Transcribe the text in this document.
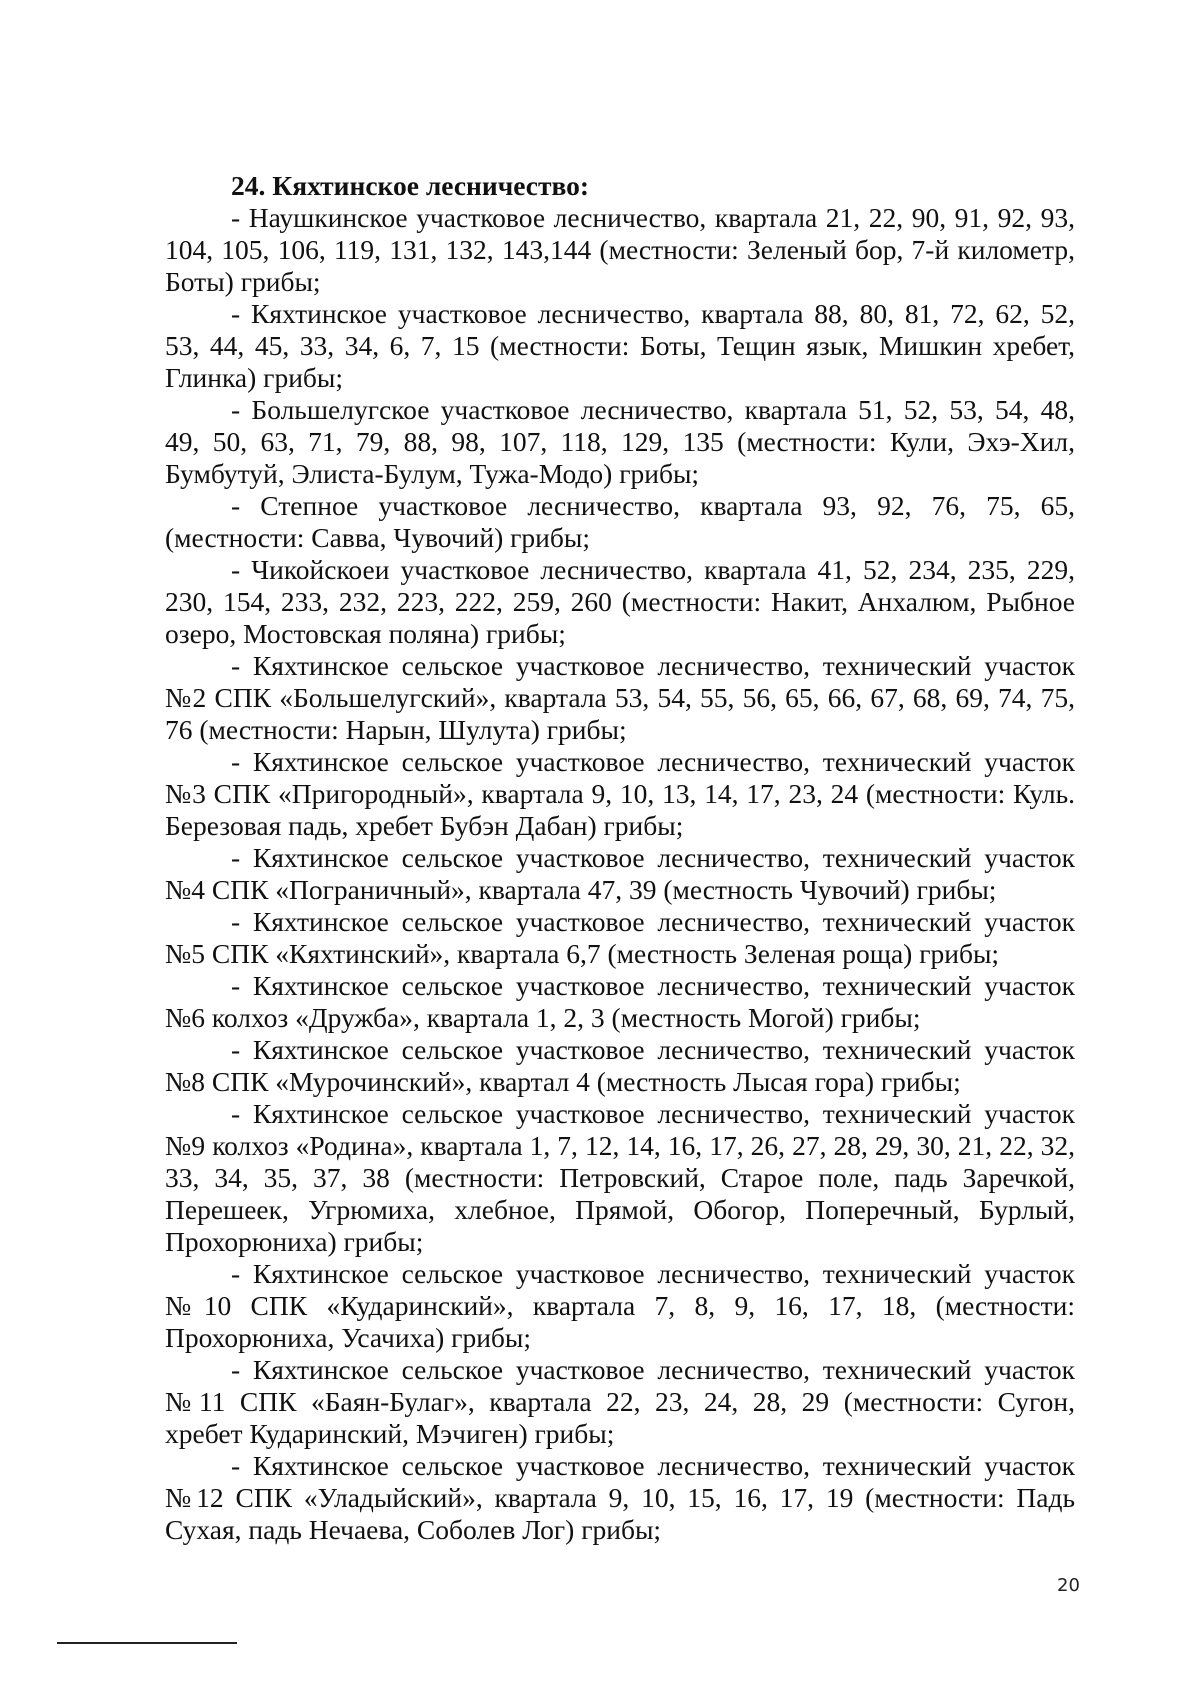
24. Кяхтинское лесничество:

- Наушкинское участковое лесничество, квартала 21, 22, 90, 91, 92, 93, 104, 105, 106, 119, 131, 132, 143,144 (местности: Зеленый бор, 7-й километр, Боты) грибы;

- Кяхтинское участковое лесничество, квартала 88, 80, 81, 72, 62, 52, 53, 44, 45, 33, 34, 6, 7, 15 (местности: Боты, Тещин язык, Мишкин хребет, Глинка) грибы;

- Большелугское участковое лесничество, квартала 51, 52, 53, 54, 48, 49, 50, 63, 71, 79, 88, 98, 107, 118, 129, 135 (местности: Кули, Эхэ-Хил, Бумбутуй, Элиста-Булум, Тужа-Модо) грибы;

- Степное участковое лесничество, квартала 93, 92, 76, 75, 65, (местности: Савва, Чувочий) грибы;

- Чикойскоеи участковое лесничество, квартала 41, 52, 234, 235, 229, 230, 154, 233, 232, 223, 222, 259, 260 (местности: Накит, Анхалюм, Рыбное озеро, Мостовская поляна) грибы;

- Кяхтинское сельское участковое лесничество, технический участок №2 СПК «Большелугский», квартала 53, 54, 55, 56, 65, 66, 67, 68, 69, 74, 75, 76 (местности: Нарын, Шулута) грибы;

- Кяхтинское сельское участковое лесничество, технический участок №3 СПК «Пригородный», квартала 9, 10, 13, 14, 17, 23, 24 (местности: Куль. Березовая падь, хребет Бубэн Дабан) грибы;

- Кяхтинское сельское участковое лесничество, технический участок №4 СПК «Пограничный», квартала 47, 39 (местность Чувочий) грибы;

- Кяхтинское сельское участковое лесничество, технический участок №5 СПК «Кяхтинский», квартала 6,7 (местность Зеленая роща) грибы;

- Кяхтинское сельское участковое лесничество, технический участок №6 колхоз «Дружба», квартала 1, 2, 3 (местность Могой) грибы;

- Кяхтинское сельское участковое лесничество, технический участок №8 СПК «Мурочинский», квартал 4 (местность Лысая гора) грибы;

- Кяхтинское сельское участковое лесничество, технический участок №9 колхоз «Родина», квартала 1, 7, 12, 14, 16, 17, 26, 27, 28, 29, 30, 21, 22, 32, 33, 34, 35, 37, 38 (местности: Петровский, Старое поле, падь Заречкой, Перешеек, Угрюмиха, хлебное, Прямой, Обогор, Поперечный, Бурлый, Прохорюниха) грибы;

- Кяхтинское сельское участковое лесничество, технический участок №10 СПК «Кударинский», квартала 7, 8, 9, 16, 17, 18, (местности: Прохорюниха, Усачиха) грибы;

- Кяхтинское сельское участковое лесничество, технический участок №11 СПК «Баян-Булаг», квартала 22, 23, 24, 28, 29 (местности: Сугон, хребет Кударинский, Мэчиген) грибы;

- Кяхтинское сельское участковое лесничество, технический участок №12 СПК «Уладыйский», квартала 9, 10, 15, 16, 17, 19 (местности: Падь Сухая, падь Нечаева, Соболев Лог) грибы;

20
